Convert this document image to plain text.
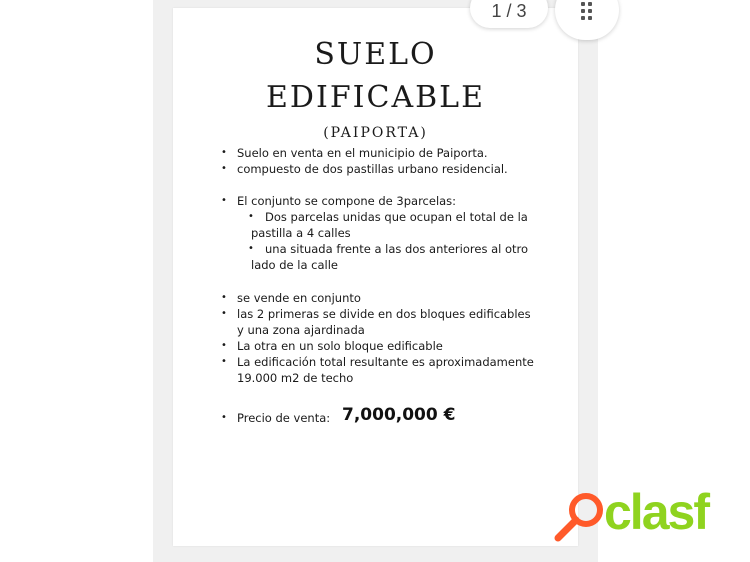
SUELO
EDIFICABLE
(PAIPORTA)
• Suelo en venta en el municipio de Paiporta.
• compuesto de dos pastillas urbano residencial.
• El conjunto se compone de 3parcelas:
• Dos parcelas unidas que ocupan el total de la
pastilla a 4 calles
• una situada frente a las dos anteriores al otro
lado de la calle
• se vende en conjunto
• las 2 primeras se divide en dos bloques edificables
y una zona ajardinada
• La otra en un solo bloque edificable
• La edificación total resultante es aproximadamente
19.000 m2 de techo
• Precio de venta: 7,000,000 €
1 / 3
clasf
